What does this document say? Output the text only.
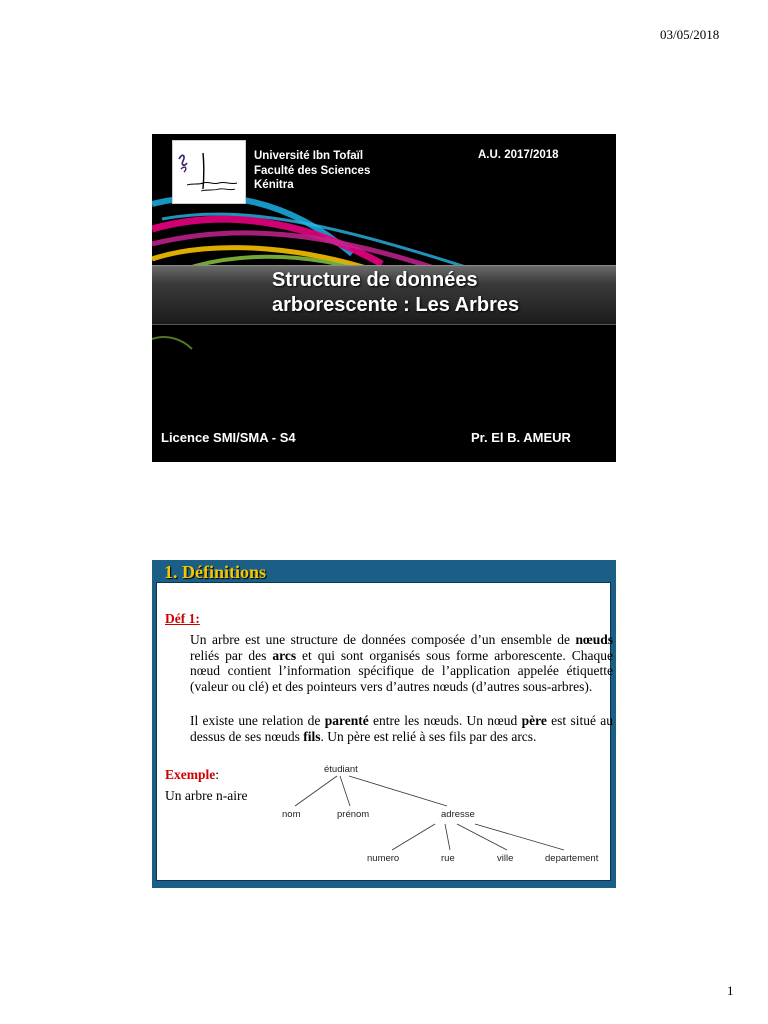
03/05/2018
Université Ibn Tofaïl
Faculté des Sciences
Kénitra
A.U. 2017/2018
Structure de données
arborescente : Les Arbres
Licence SMI/SMA - S4	Pr. El B. AMEUR
1. Définitions
Déf 1:
Un arbre est une structure de données composée d’un ensemble de nœuds reliés par des arcs et qui sont organisés sous forme arborescente. Chaque nœud contient l’information spécifique de l’application appelée étiquette (valeur ou clé) et des pointeurs vers d’autres nœuds (d’autres sous-arbres).
Il existe une relation de parenté entre les nœuds. Un nœud père est situé au dessus de ses nœuds fils. Un père est relié à ses fils par des arcs.
Exemple:
Un arbre n-aire
étudiant
nom	prénom	adresse
numero	rue	ville	departement
1
